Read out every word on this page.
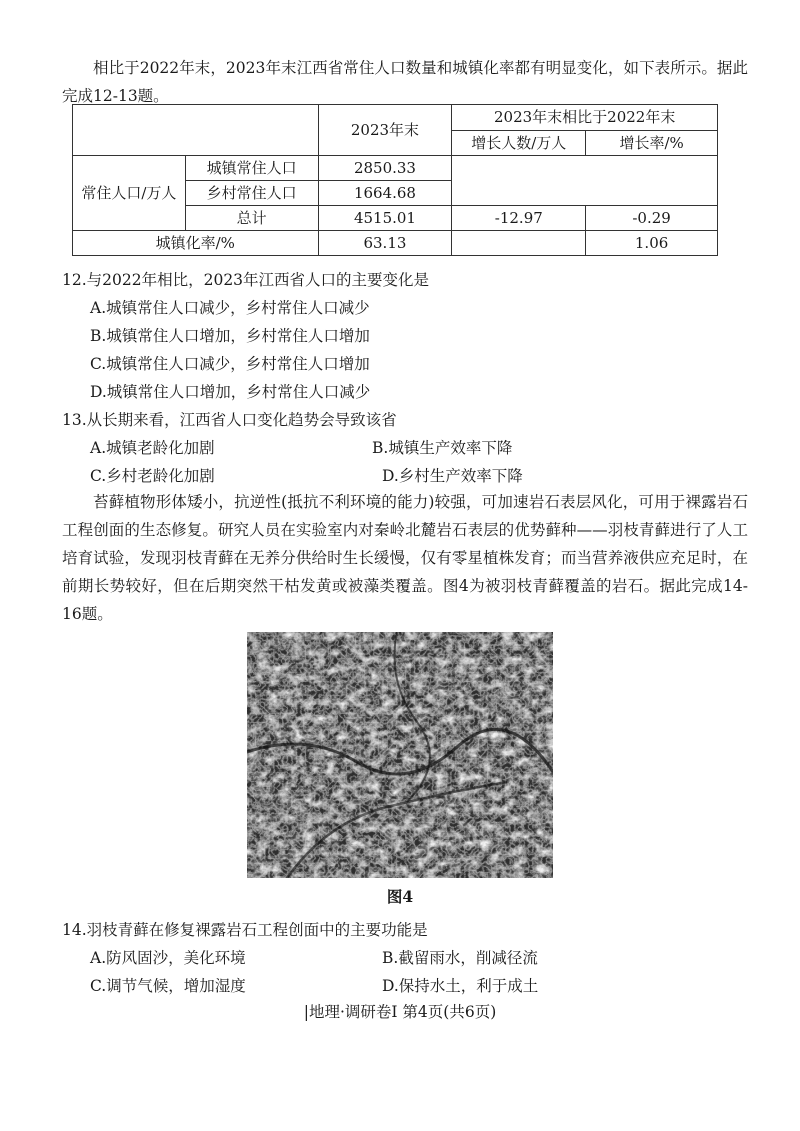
相比于2022年末，2023年末江西省常住人口数量和城镇化率都有明显变化，如下表所示。据此完成12-13题。

		2023年末	2023年末相比于2022年末	
			增长人数/万人	增长率/%
常住人口/万人	城镇常住人口	2850.33		
	乡村常住人口	1664.68		
	总计	4515.01	-12.97	-0.29
城镇化率/%		63.13		1.06

12.与2022年相比，2023年江西省人口的主要变化是

A.城镇常住人口减少，乡村常住人口减少

B.城镇常住人口增加，乡村常住人口增加

C.城镇常住人口减少，乡村常住人口增加

D.城镇常住人口增加，乡村常住人口减少

13.从长期来看，江西省人口变化趋势会导致该省

A.城镇老龄化加剧	B.城镇生产效率下降

C.乡村老龄化加剧	D.乡村生产效率下降

苔藓植物形体矮小，抗逆性(抵抗不利环境的能力)较强，可加速岩石表层风化，可用于裸露岩石工程创面的生态修复。研究人员在实验室内对秦岭北麓岩石表层的优势藓种——羽枝青藓进行了人工培育试验，发现羽枝青藓在无养分供给时生长缓慢，仅有零星植株发育；而当营养液供应充足时，在前期长势较好，但在后期突然干枯发黄或被藻类覆盖。图4为被羽枝青藓覆盖的岩石。据此完成14-16题。

图4

14.羽枝青藓在修复裸露岩石工程创面中的主要功能是

A.防风固沙，美化环境	B.截留雨水，削减径流

C.调节气候，增加湿度	D.保持水土，利于成土

|地理·调研卷Ⅰ 第4页(共6页)
